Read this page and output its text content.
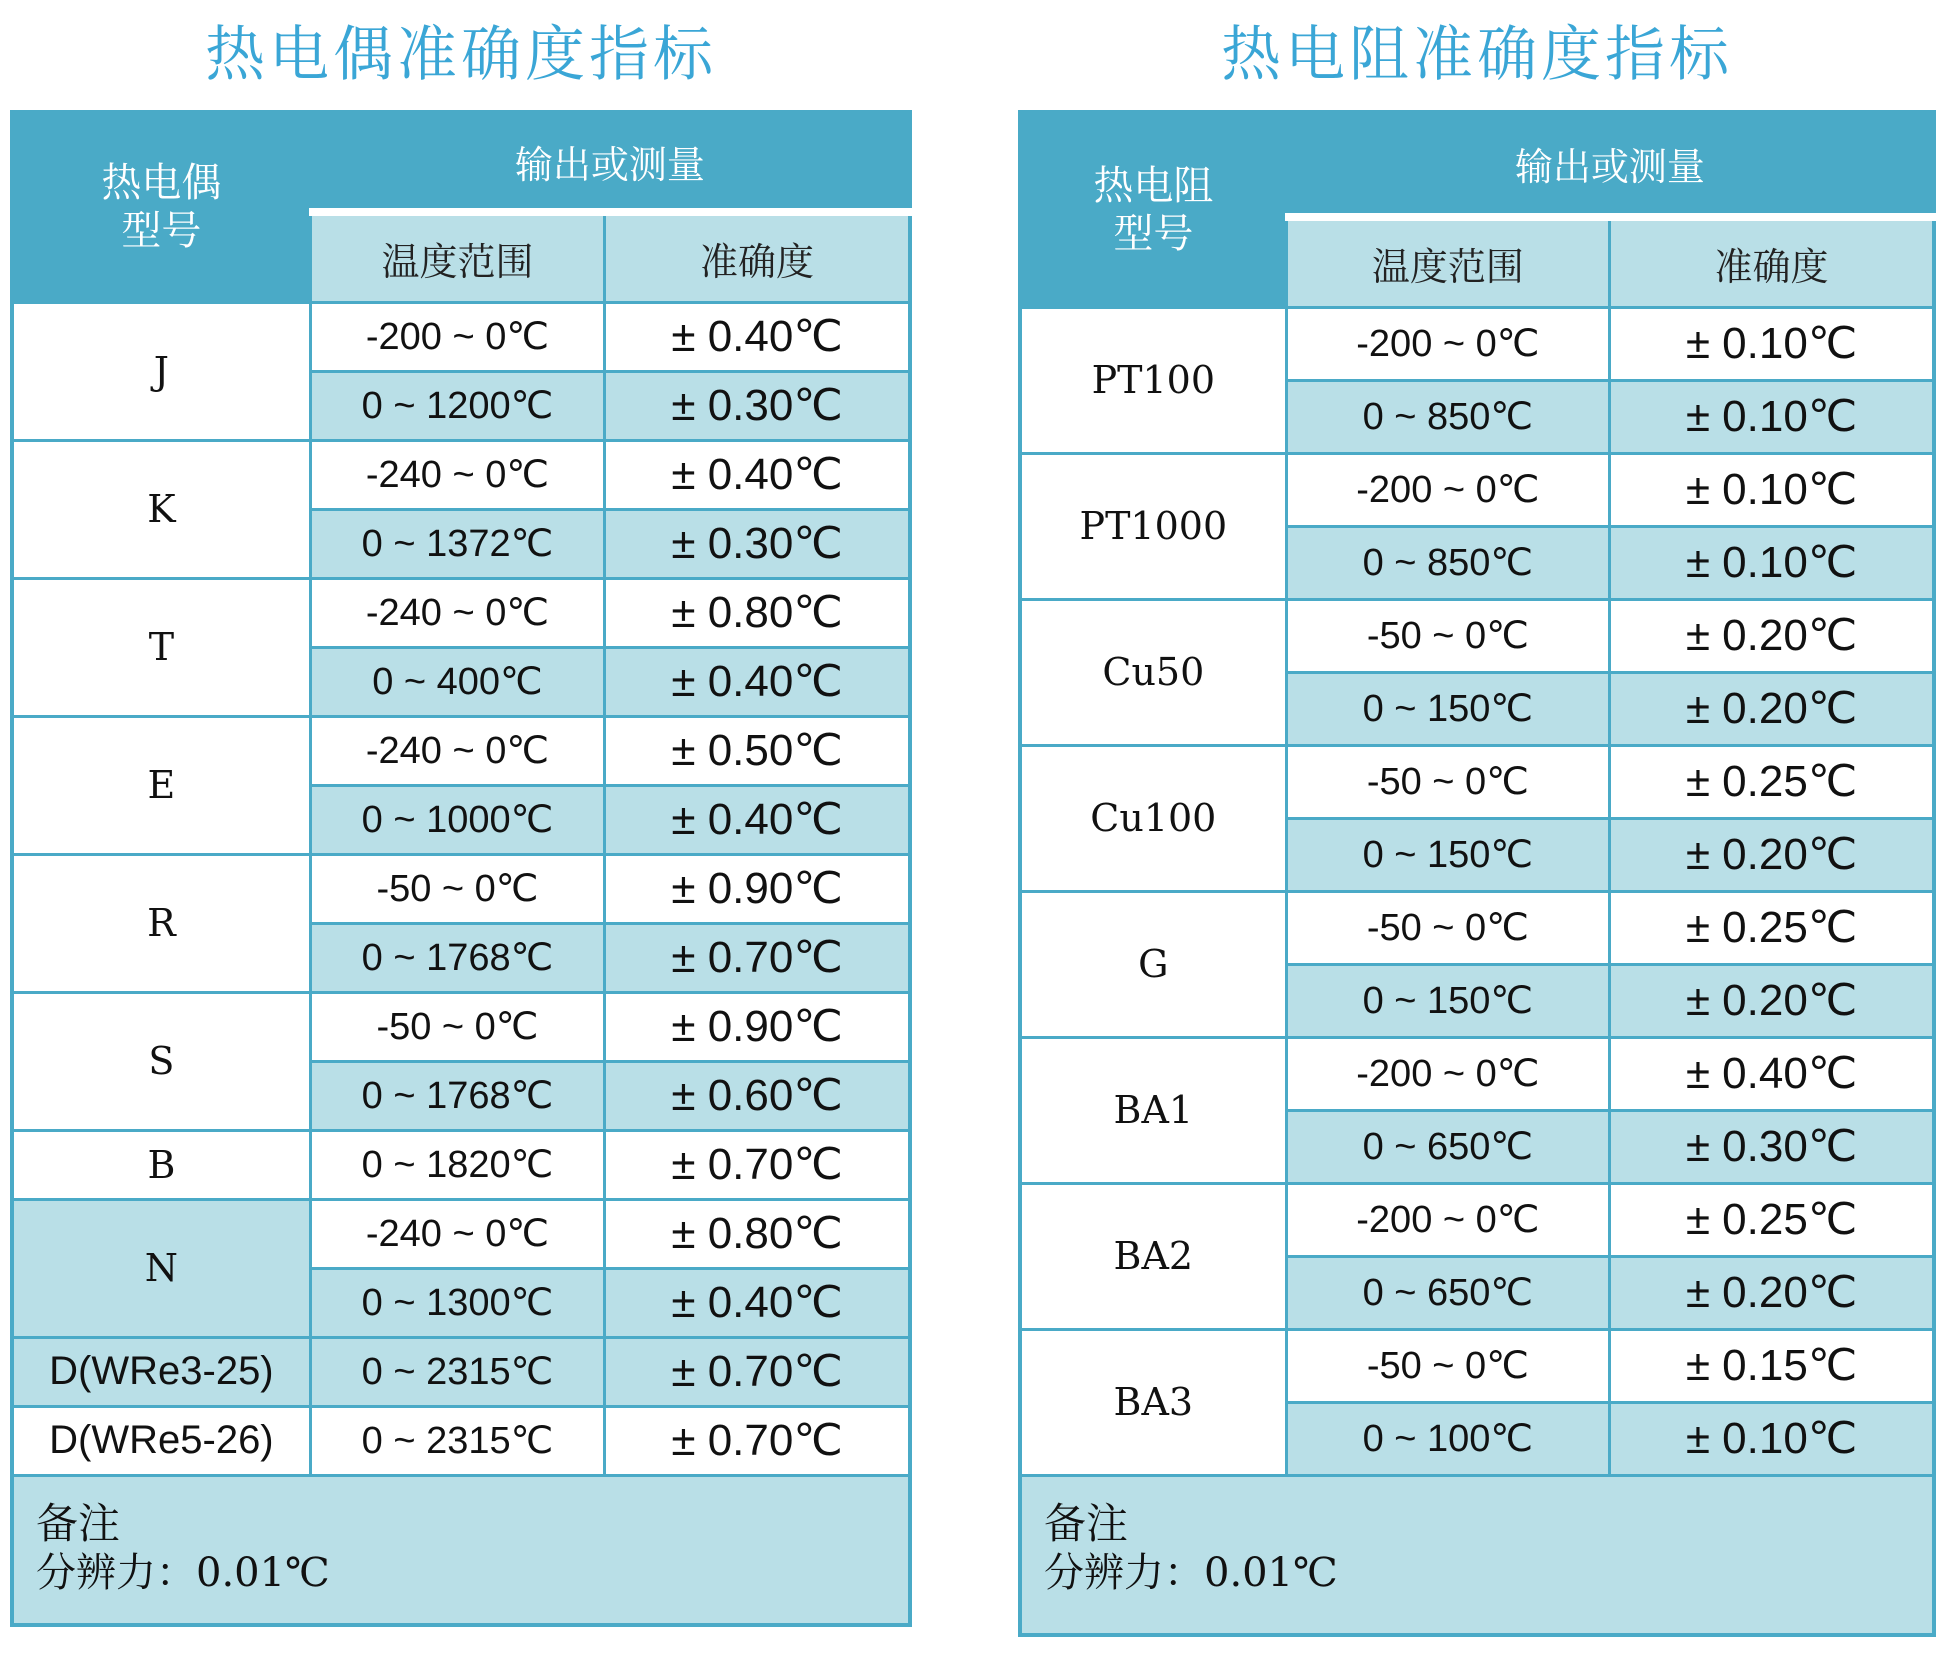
热电偶准确度指标
热电偶
型号	输出或测量	
	温度范围	准确度
J	-200 ~ 0℃	± 0.40℃
	0 ~ 1200℃	± 0.30℃
K	-240 ~ 0℃	± 0.40℃
	0 ~ 1372℃	± 0.30℃
T	-240 ~ 0℃	± 0.80℃
	0 ~ 400℃	± 0.40℃
E	-240 ~ 0℃	± 0.50℃
	0 ~ 1000℃	± 0.40℃
R	-50 ~ 0℃	± 0.90℃
	0 ~ 1768℃	± 0.70℃
S	-50 ~ 0℃	± 0.90℃
	0 ~ 1768℃	± 0.60℃
B	0 ~ 1820℃	± 0.70℃
N	-240 ~ 0℃	± 0.80℃
	0 ~ 1300℃	± 0.40℃
D(WRe3-25)	0 ~ 2315℃	± 0.70℃
D(WRe5-26)	0 ~ 2315℃	± 0.70℃

备注
分辨力：0.01℃		
热电阻准确度指标
热电阻
型号	输出或测量	
	温度范围	准确度
PT100	-200 ~ 0℃	± 0.10℃
	0 ~ 850℃	± 0.10℃
PT1000	-200 ~ 0℃	± 0.10℃
	0 ~ 850℃	± 0.10℃
Cu50	-50 ~ 0℃	± 0.20℃
	0 ~ 150℃	± 0.20℃
Cu100	-50 ~ 0℃	± 0.25℃
	0 ~ 150℃	± 0.20℃
G	-50 ~ 0℃	± 0.25℃
	0 ~ 150℃	± 0.20℃
BA1	-200 ~ 0℃	± 0.40℃
	0 ~ 650℃	± 0.30℃
BA2	-200 ~ 0℃	± 0.25℃
	0 ~ 650℃	± 0.20℃
BA3	-50 ~ 0℃	± 0.15℃
	0 ~ 100℃	± 0.10℃

备注
分辨力：0.01℃		
